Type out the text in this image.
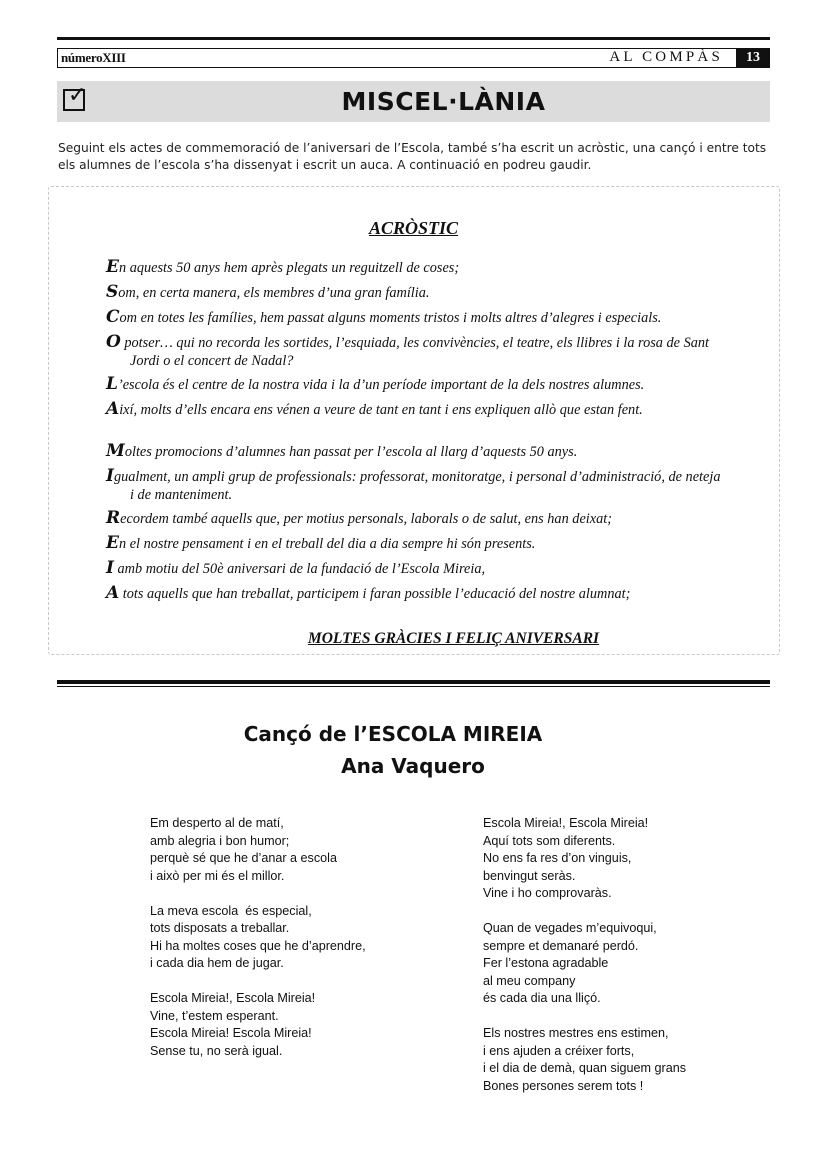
númeroXIII	AL COMPÀS	13
✓	MISCEL·LÀNIA
Seguint els actes de commemoració de l’aniversari de l’Escola, també s’ha escrit un acròstic, una cançó i entre tots els alumnes de l’escola s’ha dissenyat i escrit un auca. A continuació en podreu gaudir.
ACRÒSTIC
En aquests 50 anys hem après plegats un reguitzell de coses;
Som, en certa manera, els membres d’una gran família.
Com en totes les famílies, hem passat alguns moments tristos i molts altres d’alegres i especials.
O potser… qui no recorda les sortides, l’esquiada, les convivències, el teatre, els llibres i la rosa de Sant
Jordi o el concert de Nadal?
L’escola és el centre de la nostra vida i la d’un període important de la dels nostres alumnes.
Així, molts d’ells encara ens vénen a veure de tant en tant i ens expliquen allò que estan fent.
Moltes promocions d’alumnes han passat per l’escola al llarg d’aquests 50 anys.
Igualment, un ampli grup de professionals: professorat, monitoratge, i personal d’administració, de neteja
i de manteniment.
Recordem també aquells que, per motius personals, laborals o de salut, ens han deixat;
En el nostre pensament i en el treball del dia a dia sempre hi són presents.
I amb motiu del 50è aniversari de la fundació de l’Escola Mireia,
A tots aquells que han treballat, participem i faran possible l’educació del nostre alumnat;
MOLTES GRÀCIES I FELIÇ ANIVERSARI
Cançó de l’ESCOLA MIREIA
Ana Vaquero
Em desperto al de matí,
amb alegria i bon humor;
perquè sé que he d’anar a escola
i això per mi és el millor.
La meva escola  és especial,
tots disposats a treballar.
Hi ha moltes coses que he d’aprendre,
i cada dia hem de jugar.
Escola Mireia!, Escola Mireia!
Vine, t’estem esperant.
Escola Mireia! Escola Mireia!
Sense tu, no serà igual.
Escola Mireia!, Escola Mireia!
Aquí tots som diferents.
No ens fa res d’on vinguis,
benvingut seràs.
Vine i ho comprovaràs.
Quan de vegades m’equivoqui,
sempre et demanaré perdó.
Fer l’estona agradable
al meu company
és cada dia una lliçó.
Els nostres mestres ens estimen,
i ens ajuden a créixer forts,
i el dia de demà, quan siguem grans
Bones persones serem tots !
